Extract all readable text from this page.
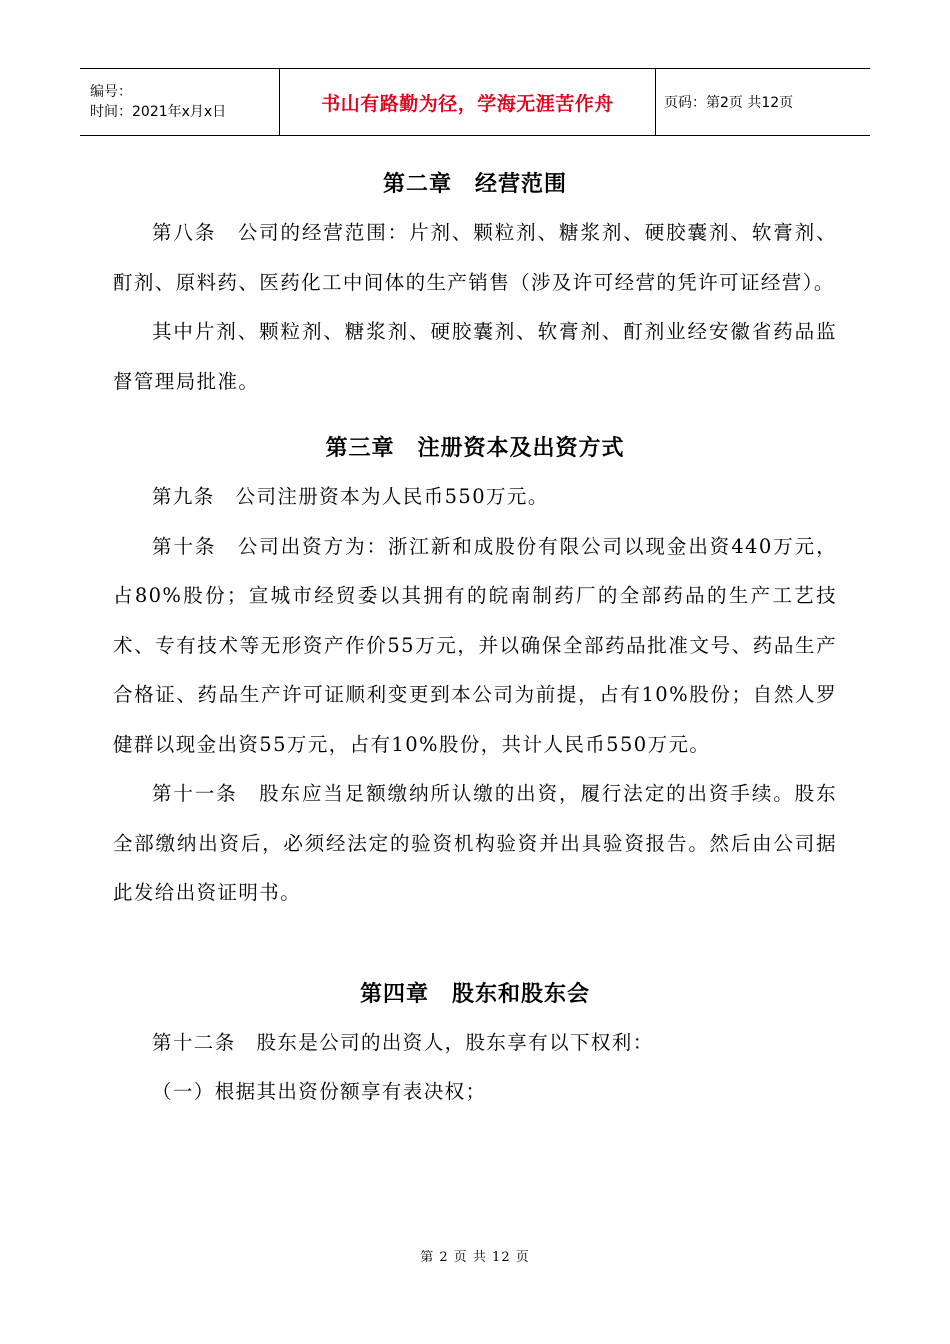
编号：
时间：2021年x月x日	书山有路勤为径，学海无涯苦作舟	页码：第2页 共12页
第二章　经营范围

第八条　公司的经营范围：片剂、颗粒剂、糖浆剂、硬胶囊剂、软膏剂、酊剂、原料药、医药化工中间体的生产销售（涉及许可经营的凭许可证经营）。

其中片剂、颗粒剂、糖浆剂、硬胶囊剂、软膏剂、酊剂业经安徽省药品监督管理局批准。

第三章　注册资本及出资方式

第九条　公司注册资本为人民币550万元。

第十条　公司出资方为：浙江新和成股份有限公司以现金出资440万元，占80%股份；宣城市经贸委以其拥有的皖南制药厂的全部药品的生产工艺技术、专有技术等无形资产作价55万元，并以确保全部药品批准文号、药品生产合格证、药品生产许可证顺利变更到本公司为前提，占有10%股份；自然人罗健群以现金出资55万元，占有10%股份，共计人民币550万元。

第十一条　股东应当足额缴纳所认缴的出资，履行法定的出资手续。股东全部缴纳出资后，必须经法定的验资机构验资并出具验资报告。然后由公司据此发给出资证明书。

第四章　股东和股东会

第十二条　股东是公司的出资人，股东享有以下权利：

（一）根据其出资份额享有表决权；

第 2 页 共 12 页
